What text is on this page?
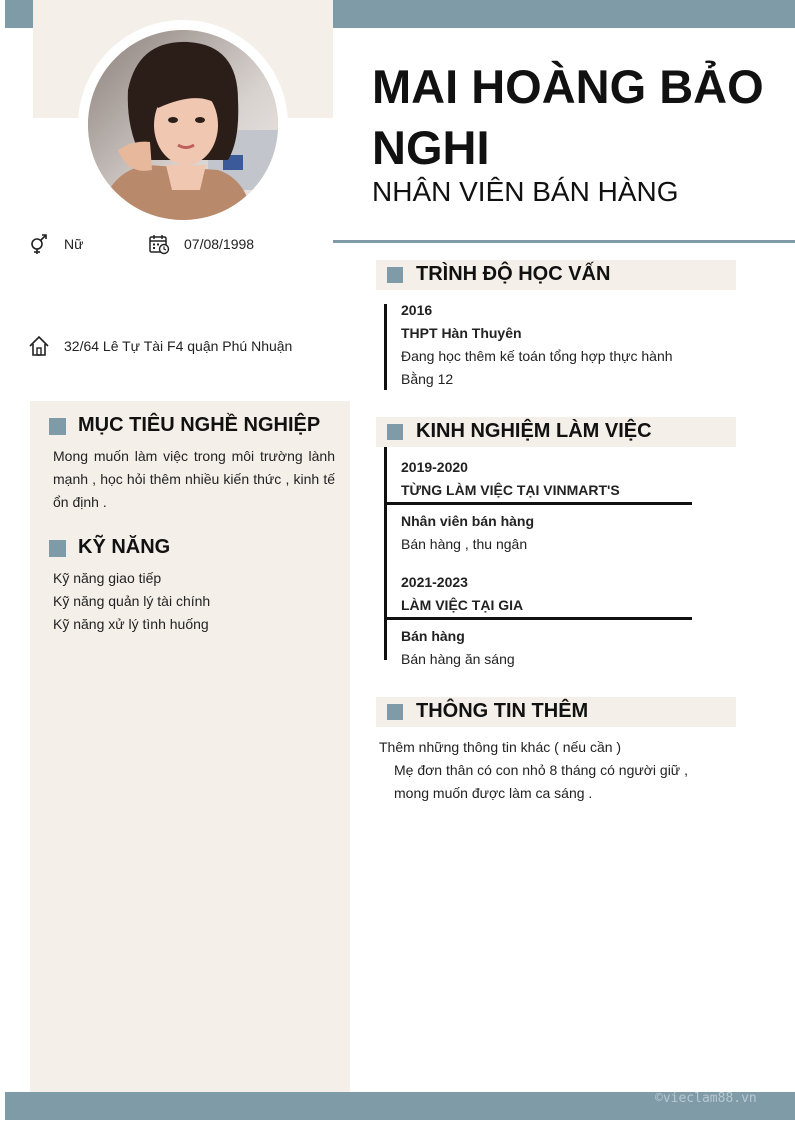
MAI HOÀNG BẢO NGHI
NHÂN VIÊN BÁN HÀNG
Nữ	07/08/1998
32/64 Lê Tự Tài F4 quận Phú Nhuận
MỤC TIÊU NGHỀ NGHIỆP
Mong muốn làm việc trong môi trường lành mạnh , học hỏi thêm nhiều kiến thức , kinh tế ổn định .
KỸ NĂNG
Kỹ năng giao tiếp
Kỹ năng quản lý tài chính
Kỹ năng xử lý tình huống
TRÌNH ĐỘ HỌC VẤN
2016
THPT Hàn Thuyên
Đang học thêm kế toán tổng hợp thực hành
Bằng 12
KINH NGHIỆM LÀM VIỆC
2019-2020
TỪNG LÀM VIỆC TẠI VINMART'S
Nhân viên bán hàng
Bán hàng , thu ngân
2021-2023
LÀM VIỆC TẠI GIA
Bán hàng
Bán hàng ăn sáng
THÔNG TIN THÊM
Thêm những thông tin khác ( nếu cần )
Mẹ đơn thân có con nhỏ 8 tháng có người giữ , mong muốn được làm ca sáng .
©vieclam88.vn
